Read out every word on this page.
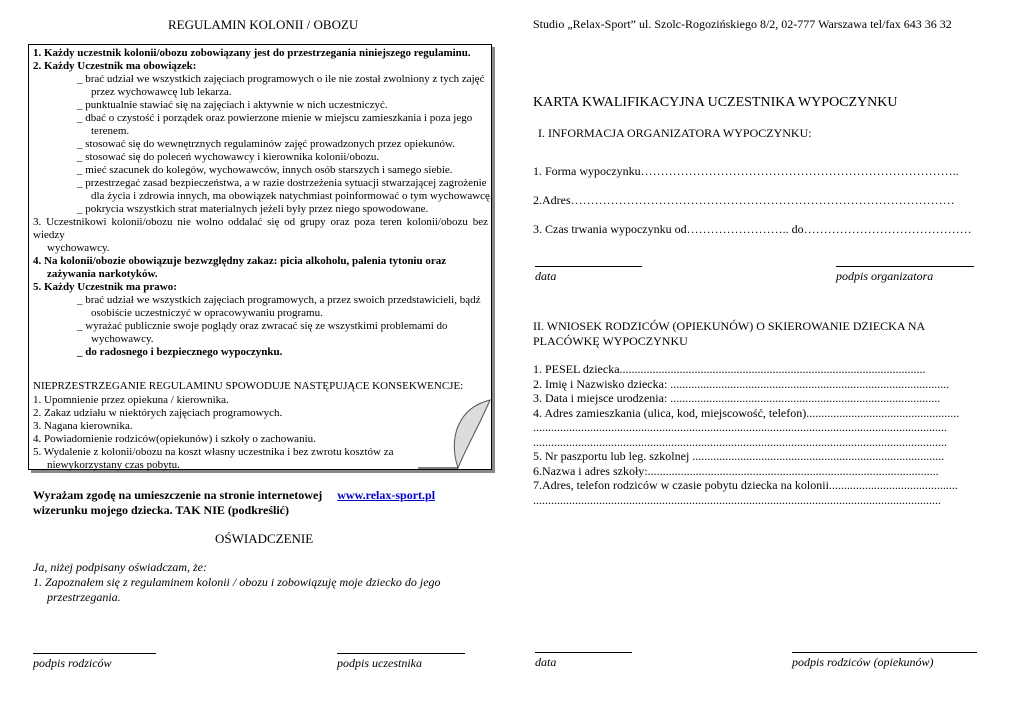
REGULAMIN KOLONII / OBOZU
1. Każdy uczestnik kolonii/obozu zobowiązany jest do przestrzegania niniejszego regulaminu.
2. Każdy Uczestnik ma obowiązek:
_ brać udział we wszystkich zajęciach programowych o ile nie został zwolniony z tych zajęć
przez wychowawcę lub lekarza.
_ punktualnie stawiać się na zajęciach i aktywnie w nich uczestniczyć.
_ dbać o czystość i porządek oraz powierzone mienie w miejscu zamieszkania i poza jego
terenem.
_ stosować się do wewnętrznych regulaminów zajęć prowadzonych przez opiekunów.
_ stosować się do poleceń wychowawcy i kierownika kolonii/obozu.
_ mieć szacunek do kolegów, wychowawców, innych osób starszych i samego siebie.
_ przestrzegać zasad bezpieczeństwa, a w razie dostrzeżenia sytuacji stwarzającej zagrożenie
dla życia i zdrowia innych, ma obowiązek natychmiast poinformować o tym wychowawcę.
_ pokrycia wszystkich strat materialnych jeżeli były przez niego spowodowane.
3. Uczestnikowi kolonii/obozu nie wolno oddalać się od grupy oraz poza teren kolonii/obozu bez wiedzy
wychowawcy.
4. Na kolonii/obozie obowiązuje bezwzględny zakaz: picia alkoholu, palenia tytoniu oraz
zażywania narkotyków.
5. Każdy Uczestnik ma prawo:
_ brać udział we wszystkich zajęciach programowych, a przez swoich przedstawicieli, bądź
osobiście uczestniczyć w opracowywaniu programu.
_ wyrażać publicznie swoje poglądy oraz zwracać się ze wszystkimi problemami do
wychowawcy.
_ do radosnego i bezpiecznego wypoczynku.
NIEPRZESTRZEGANIE REGULAMINU SPOWODUJE NASTĘPUJĄCE KONSEKWENCJE:
1. Upomnienie przez opiekuna / kierownika.
2. Zakaz udziału w niektórych zajęciach programowych.
3. Nagana kierownika.
4. Powiadomienie rodziców(opiekunów) i szkoły o zachowaniu.
5. Wydalenie z kolonii/obozu na koszt własny uczestnika i bez zwrotu kosztów za
niewykorzystany czas pobytu.
Wyrażam zgodę na umieszczenie na stronie internetowej www.relax-sport.pl
wizerunku mojego dziecka. TAK NIE (podkreślić)
OŚWIADCZENIE
Ja, niżej podpisany oświadczam, że:
1. Zapoznałem się z regulaminem kolonii / obozu i zobowiązuję moje dziecko do jego
przestrzegania.
podpis rodziców	podpis uczestnika
Studio „Relax-Sport” ul. Szolc-Rogozińskiego 8/2, 02-777 Warszawa tel/fax 643 36 32
KARTA KWALIFIKACYJNA UCZESTNIKA WYPOCZYNKU
I. INFORMACJA ORGANIZATORA WYPOCZYNKU:
1. Forma wypoczynku……………………………………………………………………..
2.Adres……………………………………………………………………………………
3. Czas trwania wypoczynku od…………………….. do……………………………………
data	podpis organizatora
II. WNIOSEK RODZICÓW (OPIEKUNÓW) O SKIEROWANIE DZIECKA NA
PLACÓWKĘ WYPOCZYNKU
1. PESEL dziecka......................................................................................................
2. Imię i Nazwisko dziecka: .............................................................................................
3. Data i miejsce urodzenia: ..........................................................................................
4. Adres zamieszkania (ulica, kod, miejscowość, telefon)...................................................
..........................................................................................................................................
..........................................................................................................................................
5. Nr paszportu lub leg. szkolnej ....................................................................................
6.Nazwa i adres szkoły:.................................................................................................
7.Adres, telefon rodziców w czasie pobytu dziecka na kolonii...........................................
........................................................................................................................................
data	podpis rodziców (opiekunów)
